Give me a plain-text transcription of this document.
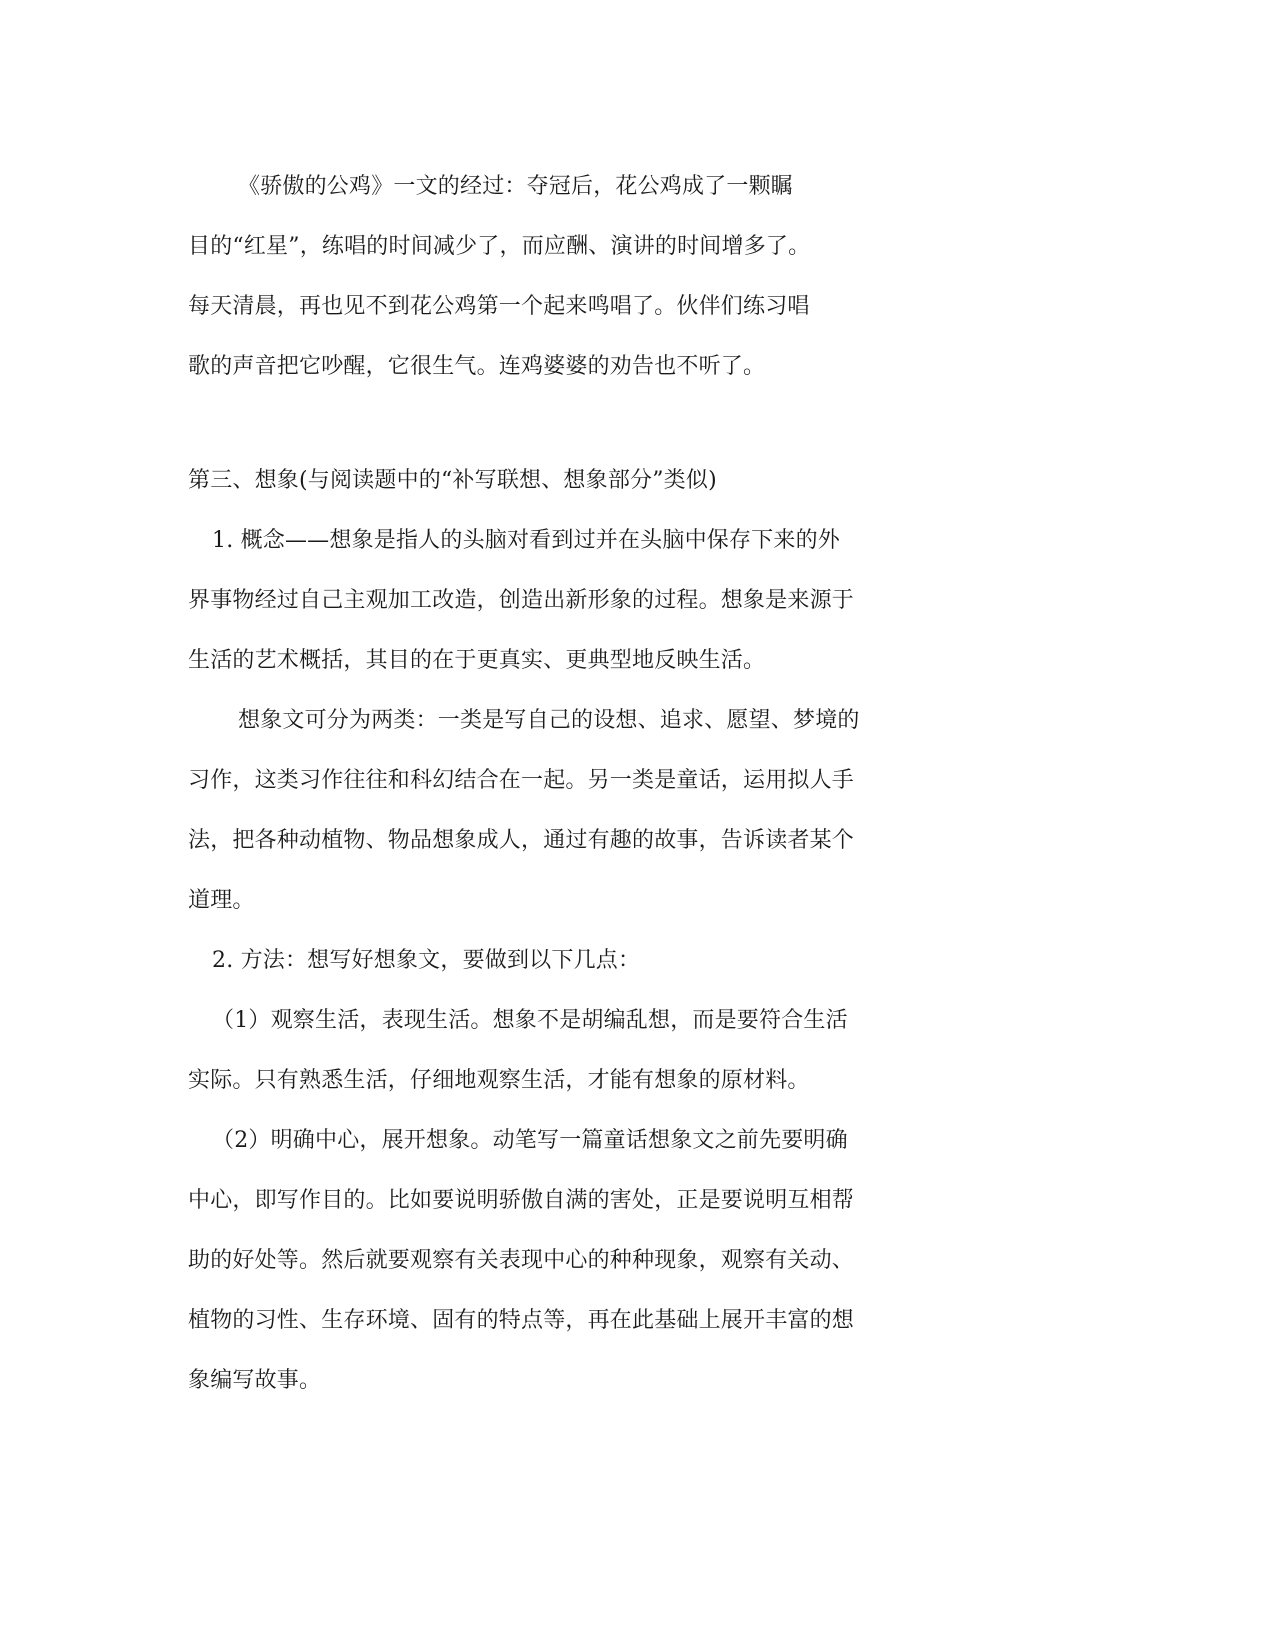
《骄傲的公鸡》一文的经过：夺冠后，花公鸡成了一颗瞩
目的“红星”，练唱的时间减少了，而应酬、演讲的时间增多了。
每天清晨，再也见不到花公鸡第一个起来鸣唱了。伙伴们练习唱
歌的声音把它吵醒，它很生气。连鸡婆婆的劝告也不听了。
第三、想象(与阅读题中的“补写联想、想象部分”类似)
1. 概念——想象是指人的头脑对看到过并在头脑中保存下来的外
界事物经过自己主观加工改造，创造出新形象的过程。想象是来源于
生活的艺术概括，其目的在于更真实、更典型地反映生活。
想象文可分为两类：一类是写自己的设想、追求、愿望、梦境的
习作，这类习作往往和科幻结合在一起。另一类是童话，运用拟人手
法，把各种动植物、物品想象成人，通过有趣的故事，告诉读者某个
道理。
2. 方法：想写好想象文，要做到以下几点：
（1）观察生活，表现生活。想象不是胡编乱想，而是要符合生活
实际。只有熟悉生活，仔细地观察生活，才能有想象的原材料。
（2）明确中心，展开想象。动笔写一篇童话想象文之前先要明确
中心，即写作目的。比如要说明骄傲自满的害处，正是要说明互相帮
助的好处等。然后就要观察有关表现中心的种种现象，观察有关动、
植物的习性、生存环境、固有的特点等，再在此基础上展开丰富的想
象编写故事。
